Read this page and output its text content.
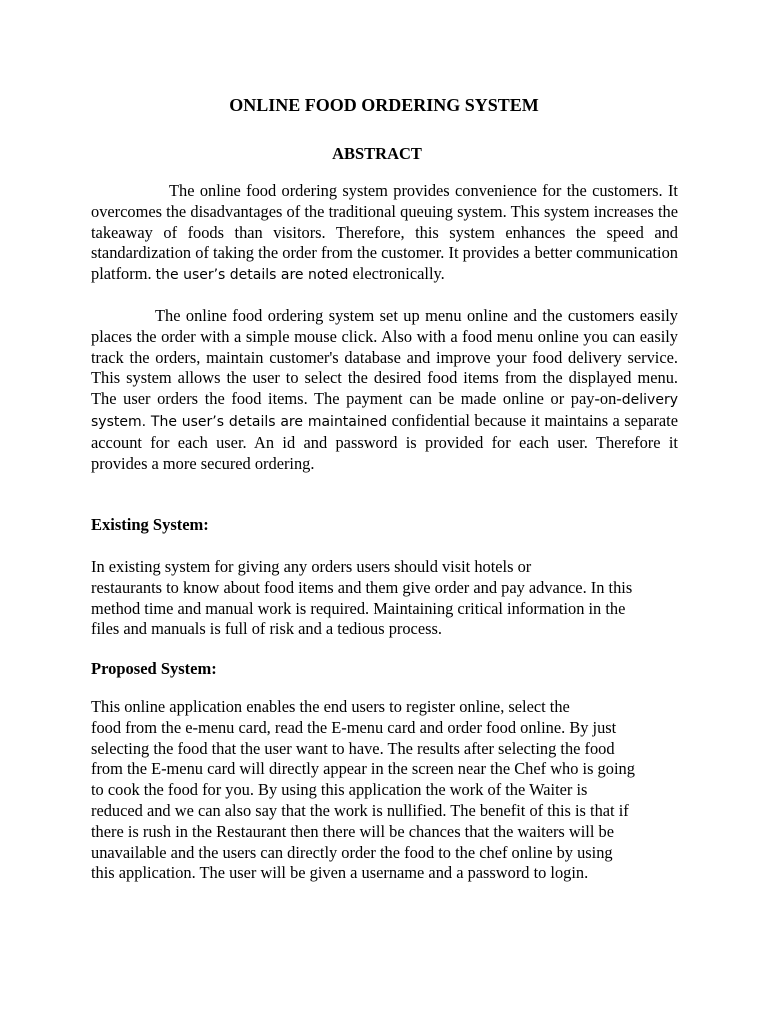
ONLINE FOOD ORDERING SYSTEM
ABSTRACT

The online food ordering system provides convenience for the customers. It overcomes the disadvantages of the traditional queuing system. This system increases the takeaway of foods than visitors. Therefore, this system enhances the speed and standardization of taking the order from the customer. It provides a better communication platform. the user’s details are noted electronically.

The online food ordering system set up menu online and the customers easily places the order with a simple mouse click. Also with a food menu online you can easily track the orders, maintain customer's database and improve your food delivery service. This system allows the user to select the desired food items from the displayed menu. The user orders the food items. The payment can be made online or pay-on-delivery system. The user’s details are maintained confidential because it maintains a separate account for each user. An id and password is provided for each user. Therefore it provides a more secured ordering.

Existing System:

In existing system for giving any orders users should visit hotels or
restaurants to know about food items and them give order and pay advance. In this
method time and manual work is required. Maintaining critical information in the
files and manuals is full of risk and a tedious process.

Proposed System:

This online application enables the end users to register online, select the
food from the e-menu card, read the E-menu card and order food online. By just
selecting the food that the user want to have. The results after selecting the food
from the E-menu card will directly appear in the screen near the Chef who is going
to cook the food for you. By using this application the work of the Waiter is
reduced and we can also say that the work is nullified. The benefit of this is that if
there is rush in the Restaurant then there will be chances that the waiters will be
unavailable and the users can directly order the food to the chef online by using
this application. The user will be given a username and a password to login.
